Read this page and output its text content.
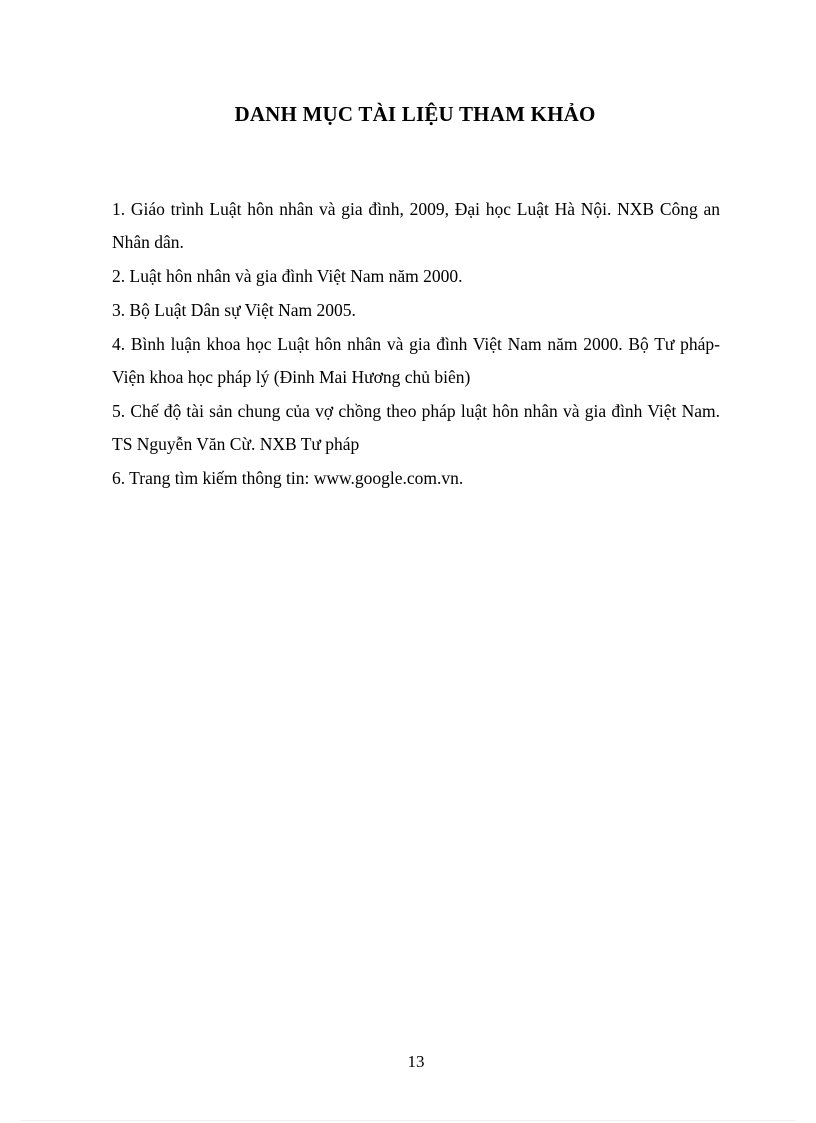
DANH MỤC TÀI LIỆU THAM KHẢO
1. Giáo trình Luật hôn nhân và gia đình, 2009, Đại học Luật Hà Nội. NXB Công an Nhân dân.
2. Luật hôn nhân và gia đình Việt Nam năm 2000.
3. Bộ Luật Dân sự Việt Nam 2005.
4. Bình luận khoa học Luật hôn nhân và gia đình Việt Nam năm 2000. Bộ Tư pháp- Viện khoa học pháp lý (Đinh Mai Hương chủ biên)
5. Chế độ tài sản chung của vợ chồng theo pháp luật hôn nhân và gia đình Việt Nam. TS Nguyễn Văn Cừ. NXB Tư pháp
6. Trang tìm kiếm thông tin: www.google.com.vn.
13
